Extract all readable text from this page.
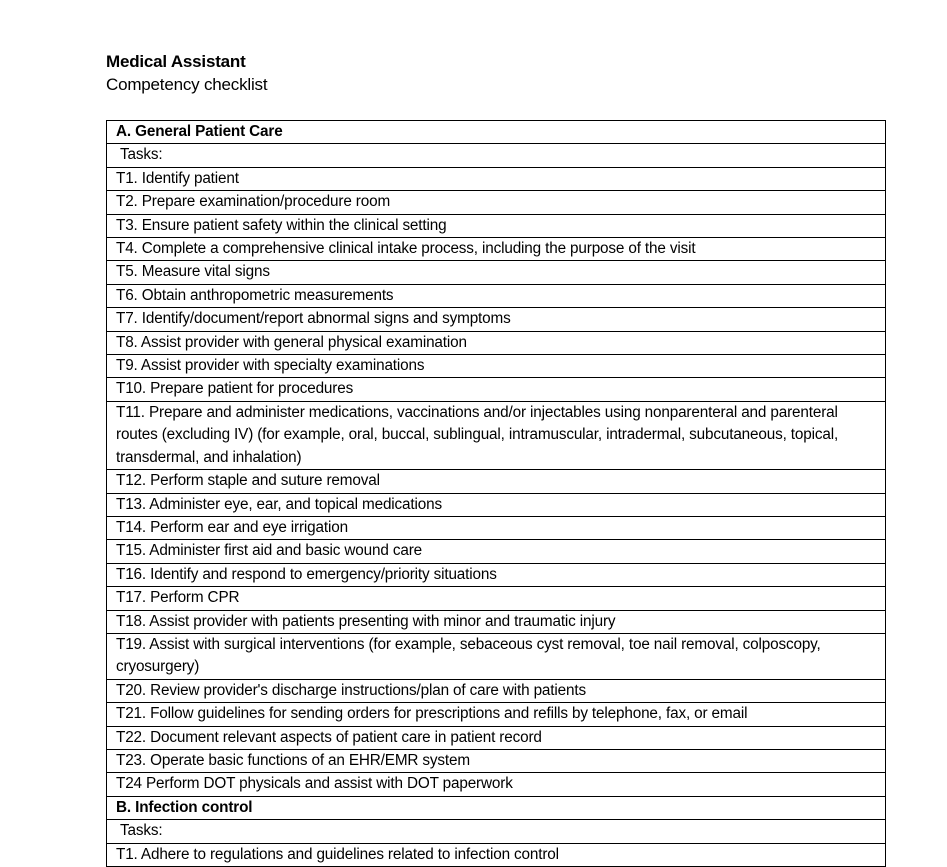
Medical Assistant

Competency checklist

A. General Patient Care
Tasks:
T1. Identify patient
T2. Prepare examination/procedure room
T3. Ensure patient safety within the clinical setting
T4. Complete a comprehensive clinical intake process, including the purpose of the visit
T5. Measure vital signs
T6. Obtain anthropometric measurements
T7. Identify/document/report abnormal signs and symptoms
T8. Assist provider with general physical examination
T9. Assist provider with specialty examinations
T10. Prepare patient for procedures
T11. Prepare and administer medications, vaccinations and/or injectables using nonparenteral and parenteral routes (excluding IV) (for example, oral, buccal, sublingual, intramuscular, intradermal, subcutaneous, topical, transdermal, and inhalation)
T12. Perform staple and suture removal
T13. Administer eye, ear, and topical medications
T14. Perform ear and eye irrigation
T15. Administer first aid and basic wound care
T16. Identify and respond to emergency/priority situations
T17. Perform CPR
T18. Assist provider with patients presenting with minor and traumatic injury
T19. Assist with surgical interventions (for example, sebaceous cyst removal, toe nail removal, colposcopy, cryosurgery)
T20. Review provider's discharge instructions/plan of care with patients
T21. Follow guidelines for sending orders for prescriptions and refills by telephone, fax, or email
T22. Document relevant aspects of patient care in patient record
T23. Operate basic functions of an EHR/EMR system
T24 Perform DOT physicals and assist with DOT paperwork
B. Infection control
Tasks:
T1. Adhere to regulations and guidelines related to infection control
